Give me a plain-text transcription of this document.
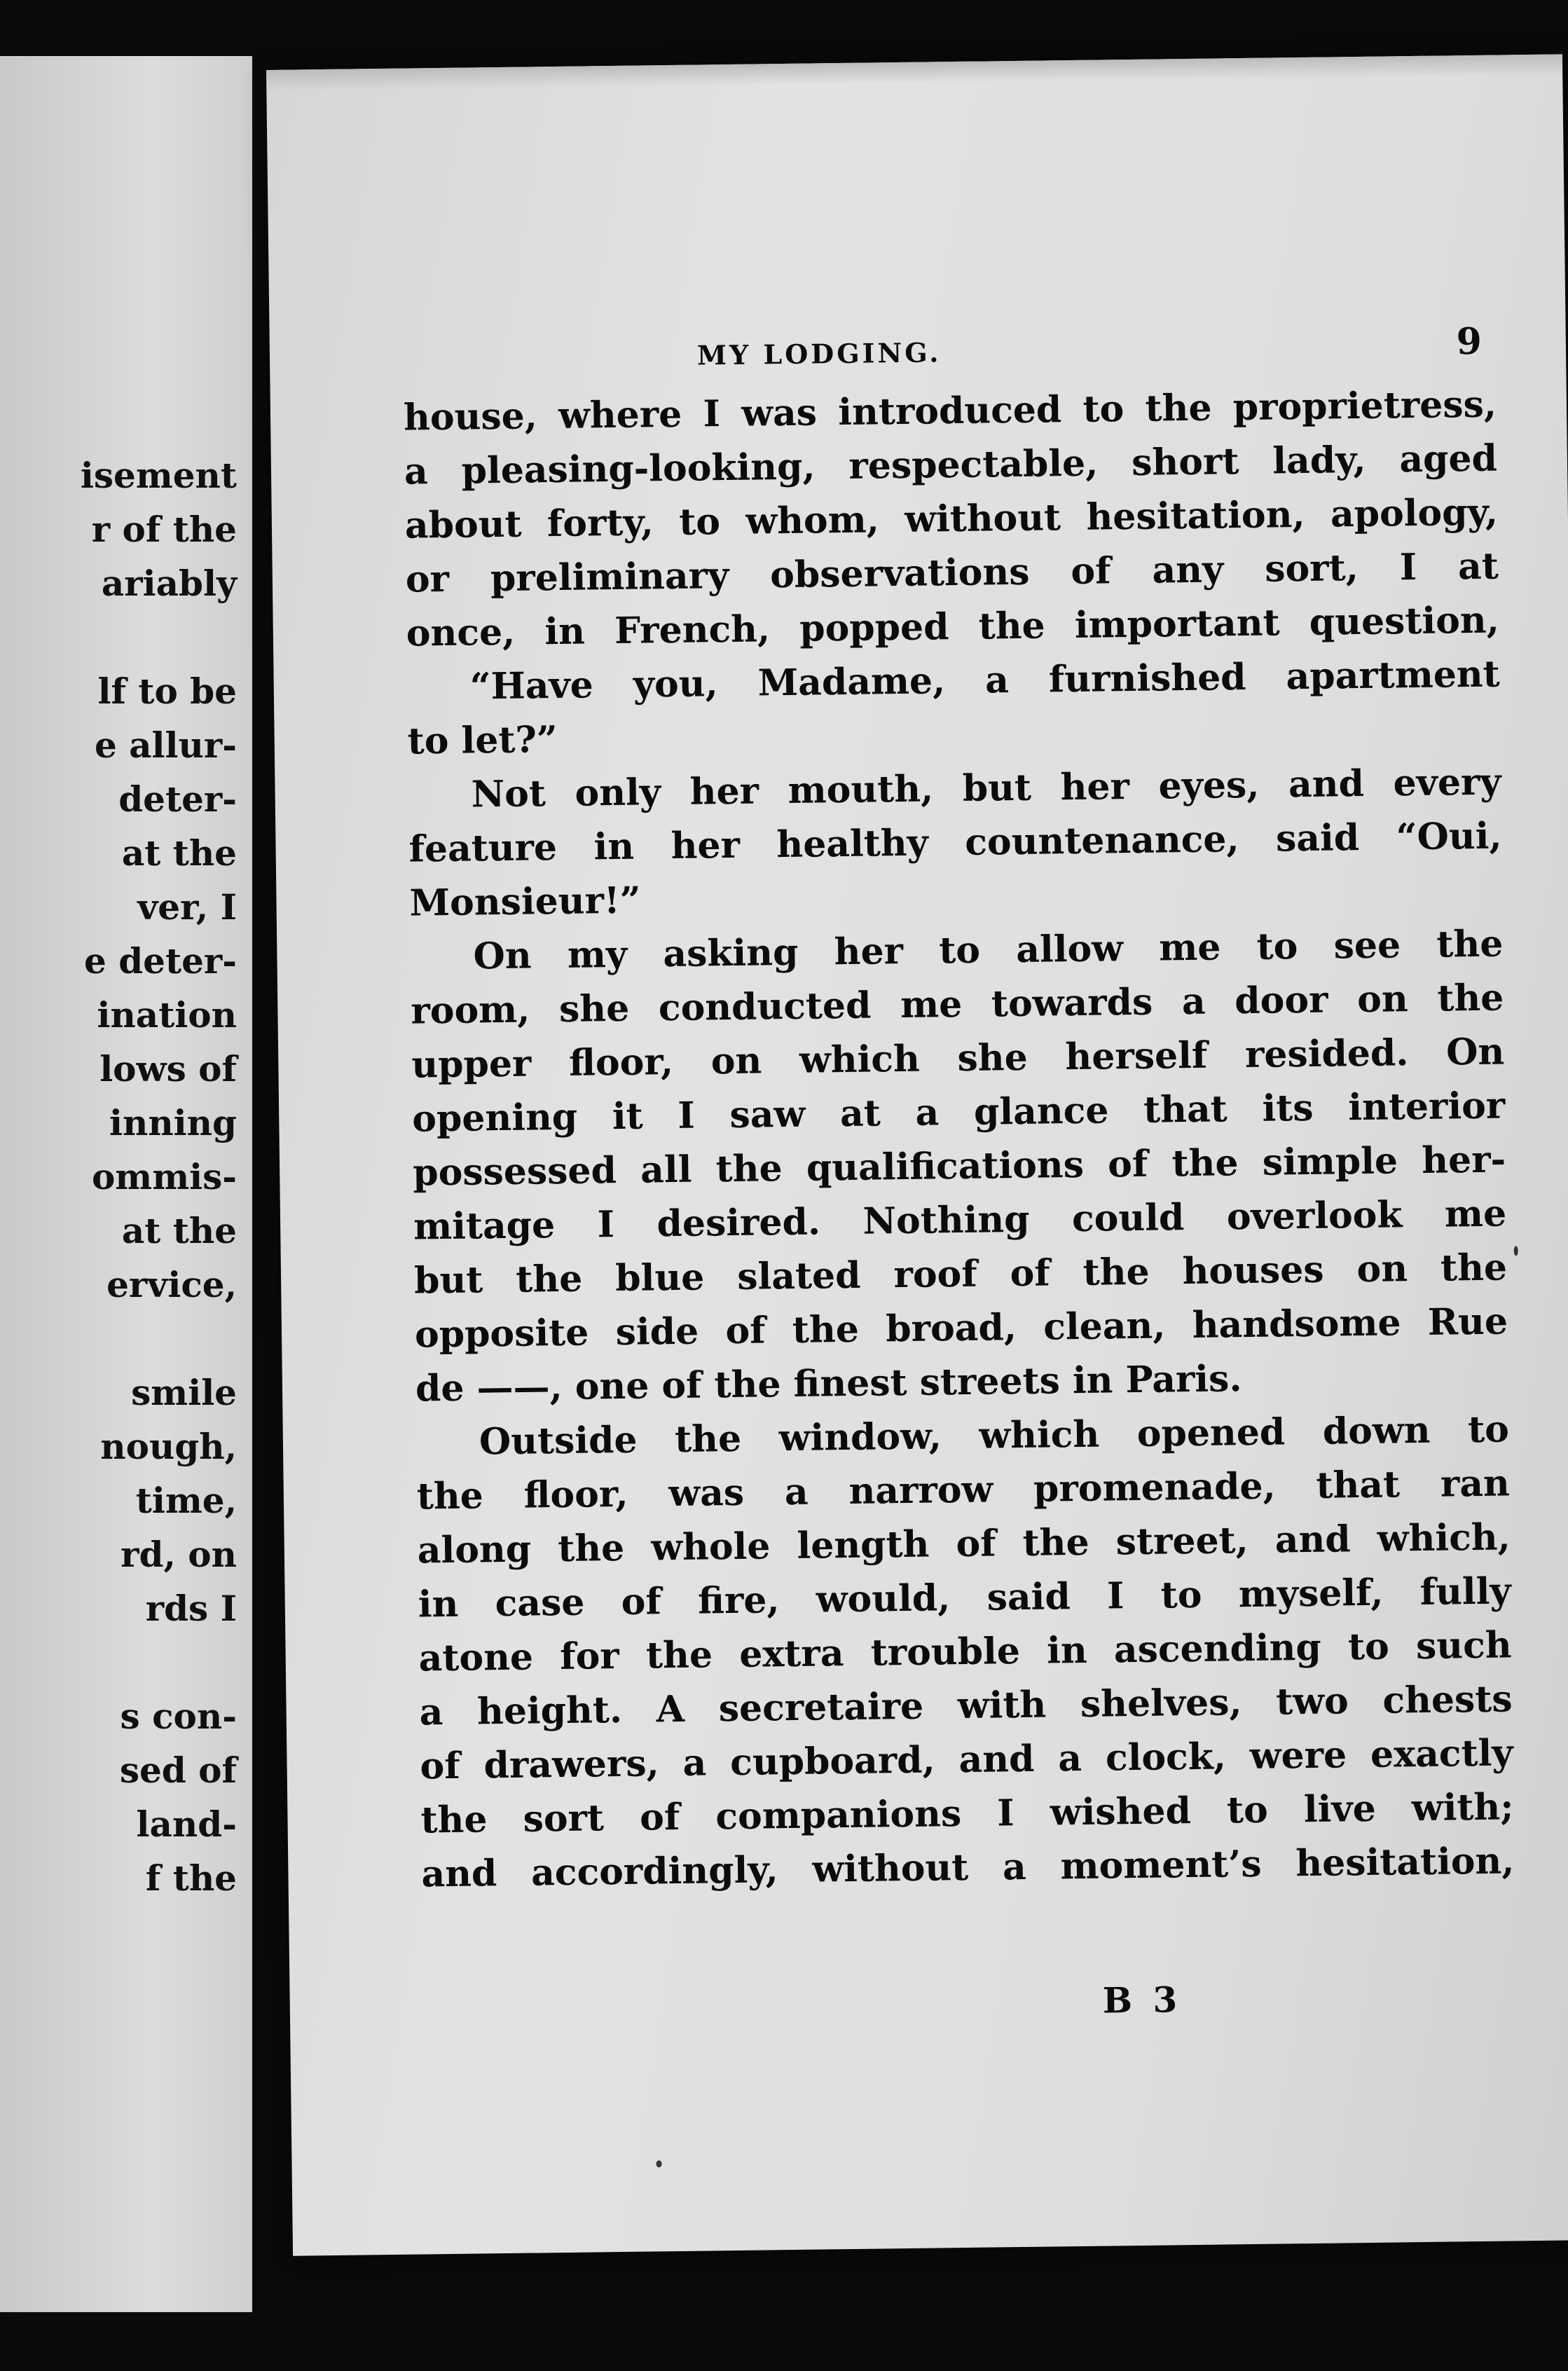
isement
r of the
ariably
lf to be
e allur-
deter-
at the
ver, I
e deter-
ination
lows of
inning
ommis-
at the
ervice,
smile
nough,
time,
rd, on
rds I
s con-
sed of
land-
f the
MY LODGING.	9
house, where I was introduced to the proprietress,
a pleasing-looking, respectable, short lady, aged
about forty, to whom, without hesitation, apology,
or preliminary observations of any sort, I at
once, in French, popped the important question,
“Have you, Madame, a furnished apartment
to let?”
Not only her mouth, but her eyes, and every
feature in her healthy countenance, said “Oui,
Monsieur!”
On my asking her to allow me to see the
room, she conducted me towards a door on the
upper floor, on which she herself resided. On
opening it I saw at a glance that its interior
possessed all the qualifications of the simple her-
mitage I desired. Nothing could overlook me
but the blue slated roof of the houses on the
opposite side of the broad, clean, handsome Rue
de ——, one of the finest streets in Paris.
Outside the window, which opened down to
the floor, was a narrow promenade, that ran
along the whole length of the street, and which,
in case of fire, would, said I to myself, fully
atone for the extra trouble in ascending to such
a height. A secretaire with shelves, two chests
of drawers, a cupboard, and a clock, were exactly
the sort of companions I wished to live with;
and accordingly, without a moment’s hesitation,
B 3
